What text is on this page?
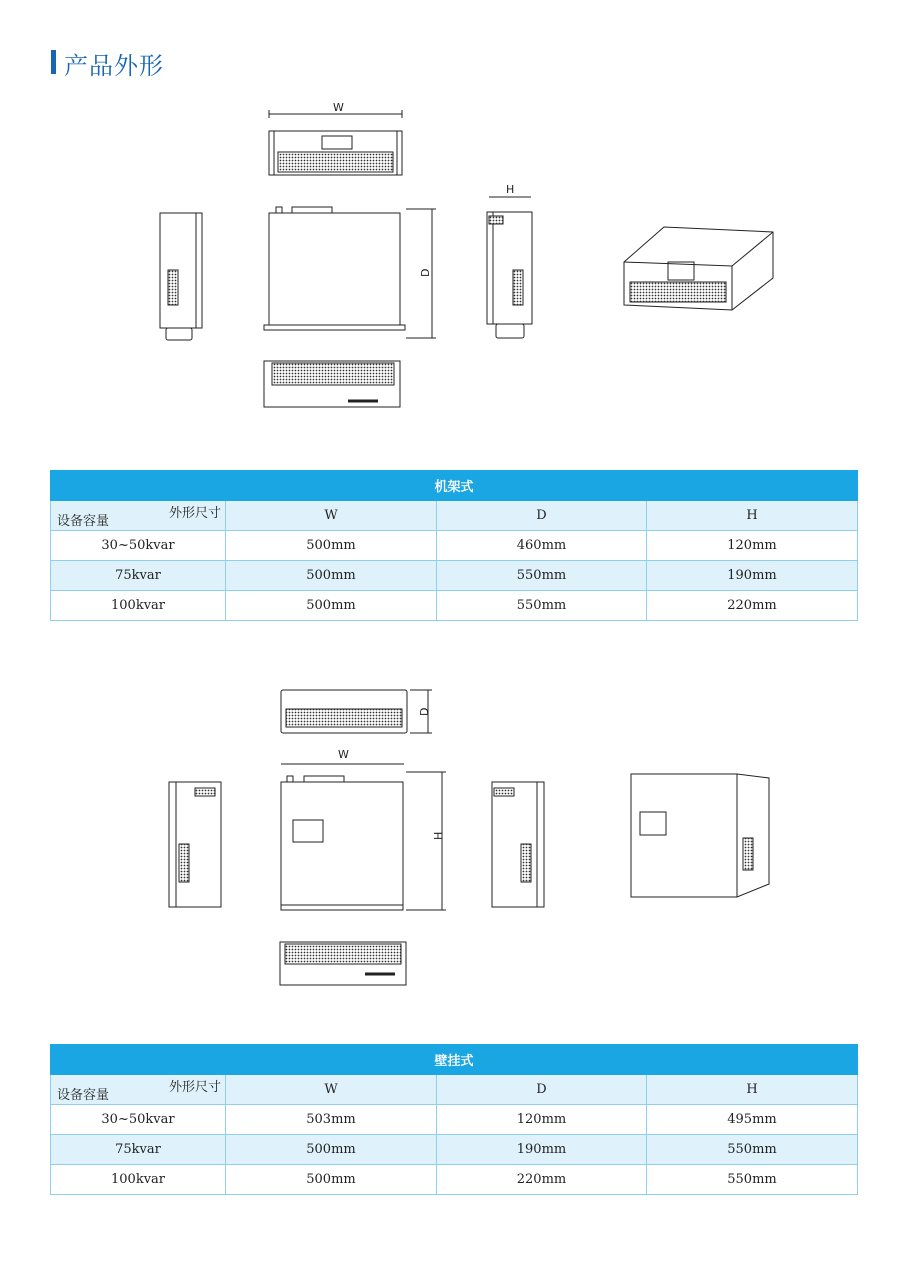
产品外形
W
H
D
机架式			

外形尺寸
设备容量	W	D	H
30~50kvar	500mm	460mm	120mm
75kvar	500mm	550mm	190mm
100kvar	500mm	550mm	220mm
W
D
H
壁挂式			

外形尺寸
设备容量	W	D	H
30~50kvar	503mm	120mm	495mm
75kvar	500mm	190mm	550mm
100kvar	500mm	220mm	550mm
